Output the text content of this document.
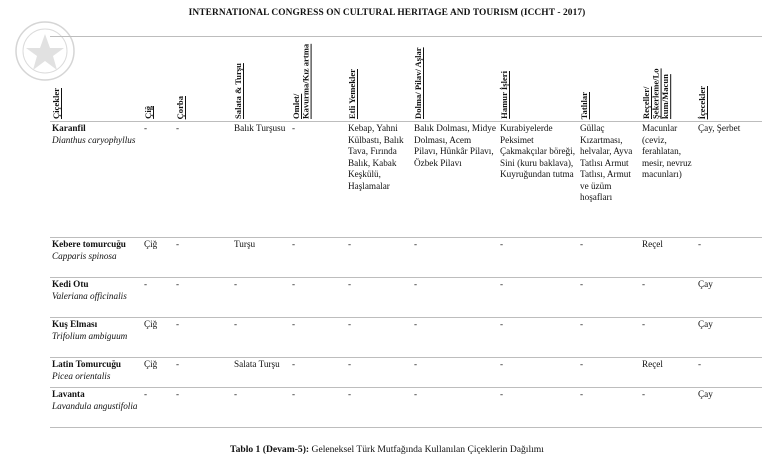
INTERNATIONAL CONGRESS ON CULTURAL HERITAGE AND TOURISM (ICCHT - 2017)
Çiçekler	Çiğ	Çorba	Salata & Turşu	Omlet/ Kavurma/Kız artma	Etli Yemekler	Dolma/ Pilav/ Aşlar	Hamur İşleri	Tatlılar	Reçeller/ Şekerleme/Lo kum/Macun	İçecekler

Karanfil
Dianthus caryophyllus	-	-	Balık Turşusu	-	Kebap, Yahni Külbastı, Balık Tava, Fırında Balık, Kabak Keşkülü, Haşlamalar	Balık Dolması, Midye Dolması, Acem Pilavı, Hünkâr Pilavı, Özbek Pilavı	Kurabiyelerde Peksimet Çakmakçılar böreği, Sini (kuru baklava), Kuyruğundan tutma	Güllaç Kızartması, helvalar, Ayva Tatlısı Armut Tatlısı, Armut ve üzüm hoşafları	Macunlar (ceviz, ferahlatan, mesir, nevruz macunları)	Çay, Şerbet
Kebere tomurcuğu
Capparis spinosa	Çiğ	-	Turşu	-	-	-	-	-	Reçel	-
Kedi Otu
Valeriana officinalis	-	-	-	-	-	-	-	-	-	Çay
Kuş Elması
Trifolium ambiguum	Çiğ	-	-	-	-	-	-	-	-	Çay
Latin Tomurcuğu
Picea orientalis	Çiğ	-	Salata Turşu	-	-	-	-	-	Reçel	-
Lavanta
Lavandula angustifolia	-	-	-	-	-	-	-	-	-	Çay
Tablo 1 (Devam-5): Geleneksel Türk Mutfağında Kullanılan Çiçeklerin Dağılımı
